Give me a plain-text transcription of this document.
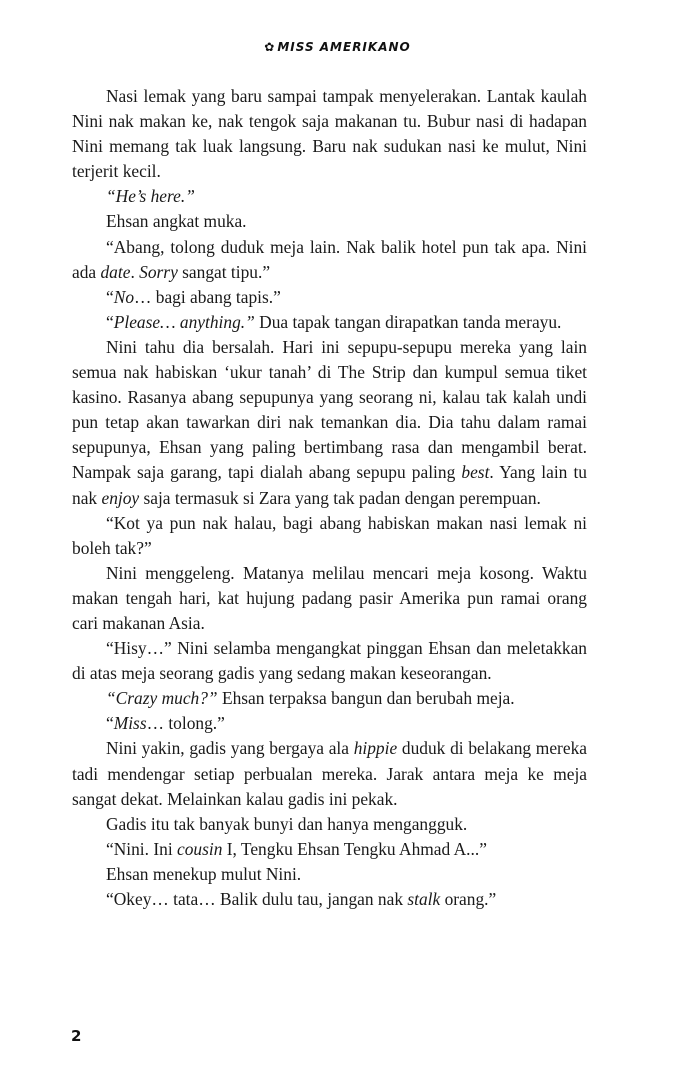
✿ MISS AMERIKANO

Nasi lemak yang baru sampai tampak menyelerakan. Lantak kaulah Nini nak makan ke, nak tengok saja makanan tu. Bubur nasi di hadapan Nini memang tak luak langsung. Baru nak sudukan nasi ke mulut, Nini terjerit kecil.

“He’s here.”

Ehsan angkat muka.

“Abang, tolong duduk meja lain. Nak balik hotel pun tak apa. Nini ada date. Sorry sangat tipu.”

“No… bagi abang tapis.”

“Please… anything.” Dua tapak tangan dirapatkan tanda merayu.

Nini tahu dia bersalah. Hari ini sepupu-sepupu mereka yang lain semua nak habiskan ‘ukur tanah’ di The Strip dan kumpul semua tiket kasino. Rasanya abang sepupunya yang seorang ni, kalau tak kalah undi pun tetap akan tawarkan diri nak temankan dia. Dia tahu dalam ramai sepupunya, Ehsan yang paling bertimbang rasa dan mengambil berat. Nampak saja garang, tapi dialah abang sepupu paling best. Yang lain tu nak enjoy saja termasuk si Zara yang tak padan dengan perempuan.

“Kot ya pun nak halau, bagi abang habiskan makan nasi lemak ni boleh tak?”

Nini menggeleng. Matanya melilau mencari meja kosong. Waktu makan tengah hari, kat hujung padang pasir Amerika pun ramai orang cari makanan Asia.

“Hisy…” Nini selamba mengangkat pinggan Ehsan dan meletakkan di atas meja seorang gadis yang sedang makan keseorangan.

“Crazy much?” Ehsan terpaksa bangun dan berubah meja.

“Miss… tolong.”

Nini yakin, gadis yang bergaya ala hippie duduk di belakang mereka tadi mendengar setiap perbualan mereka. Jarak antara meja ke meja sangat dekat. Melainkan kalau gadis ini pekak.

Gadis itu tak banyak bunyi dan hanya mengangguk.

“Nini. Ini cousin I, Tengku Ehsan Tengku Ahmad A...”

Ehsan menekup mulut Nini.

“Okey… tata… Balik dulu tau, jangan nak stalk orang.”

2
